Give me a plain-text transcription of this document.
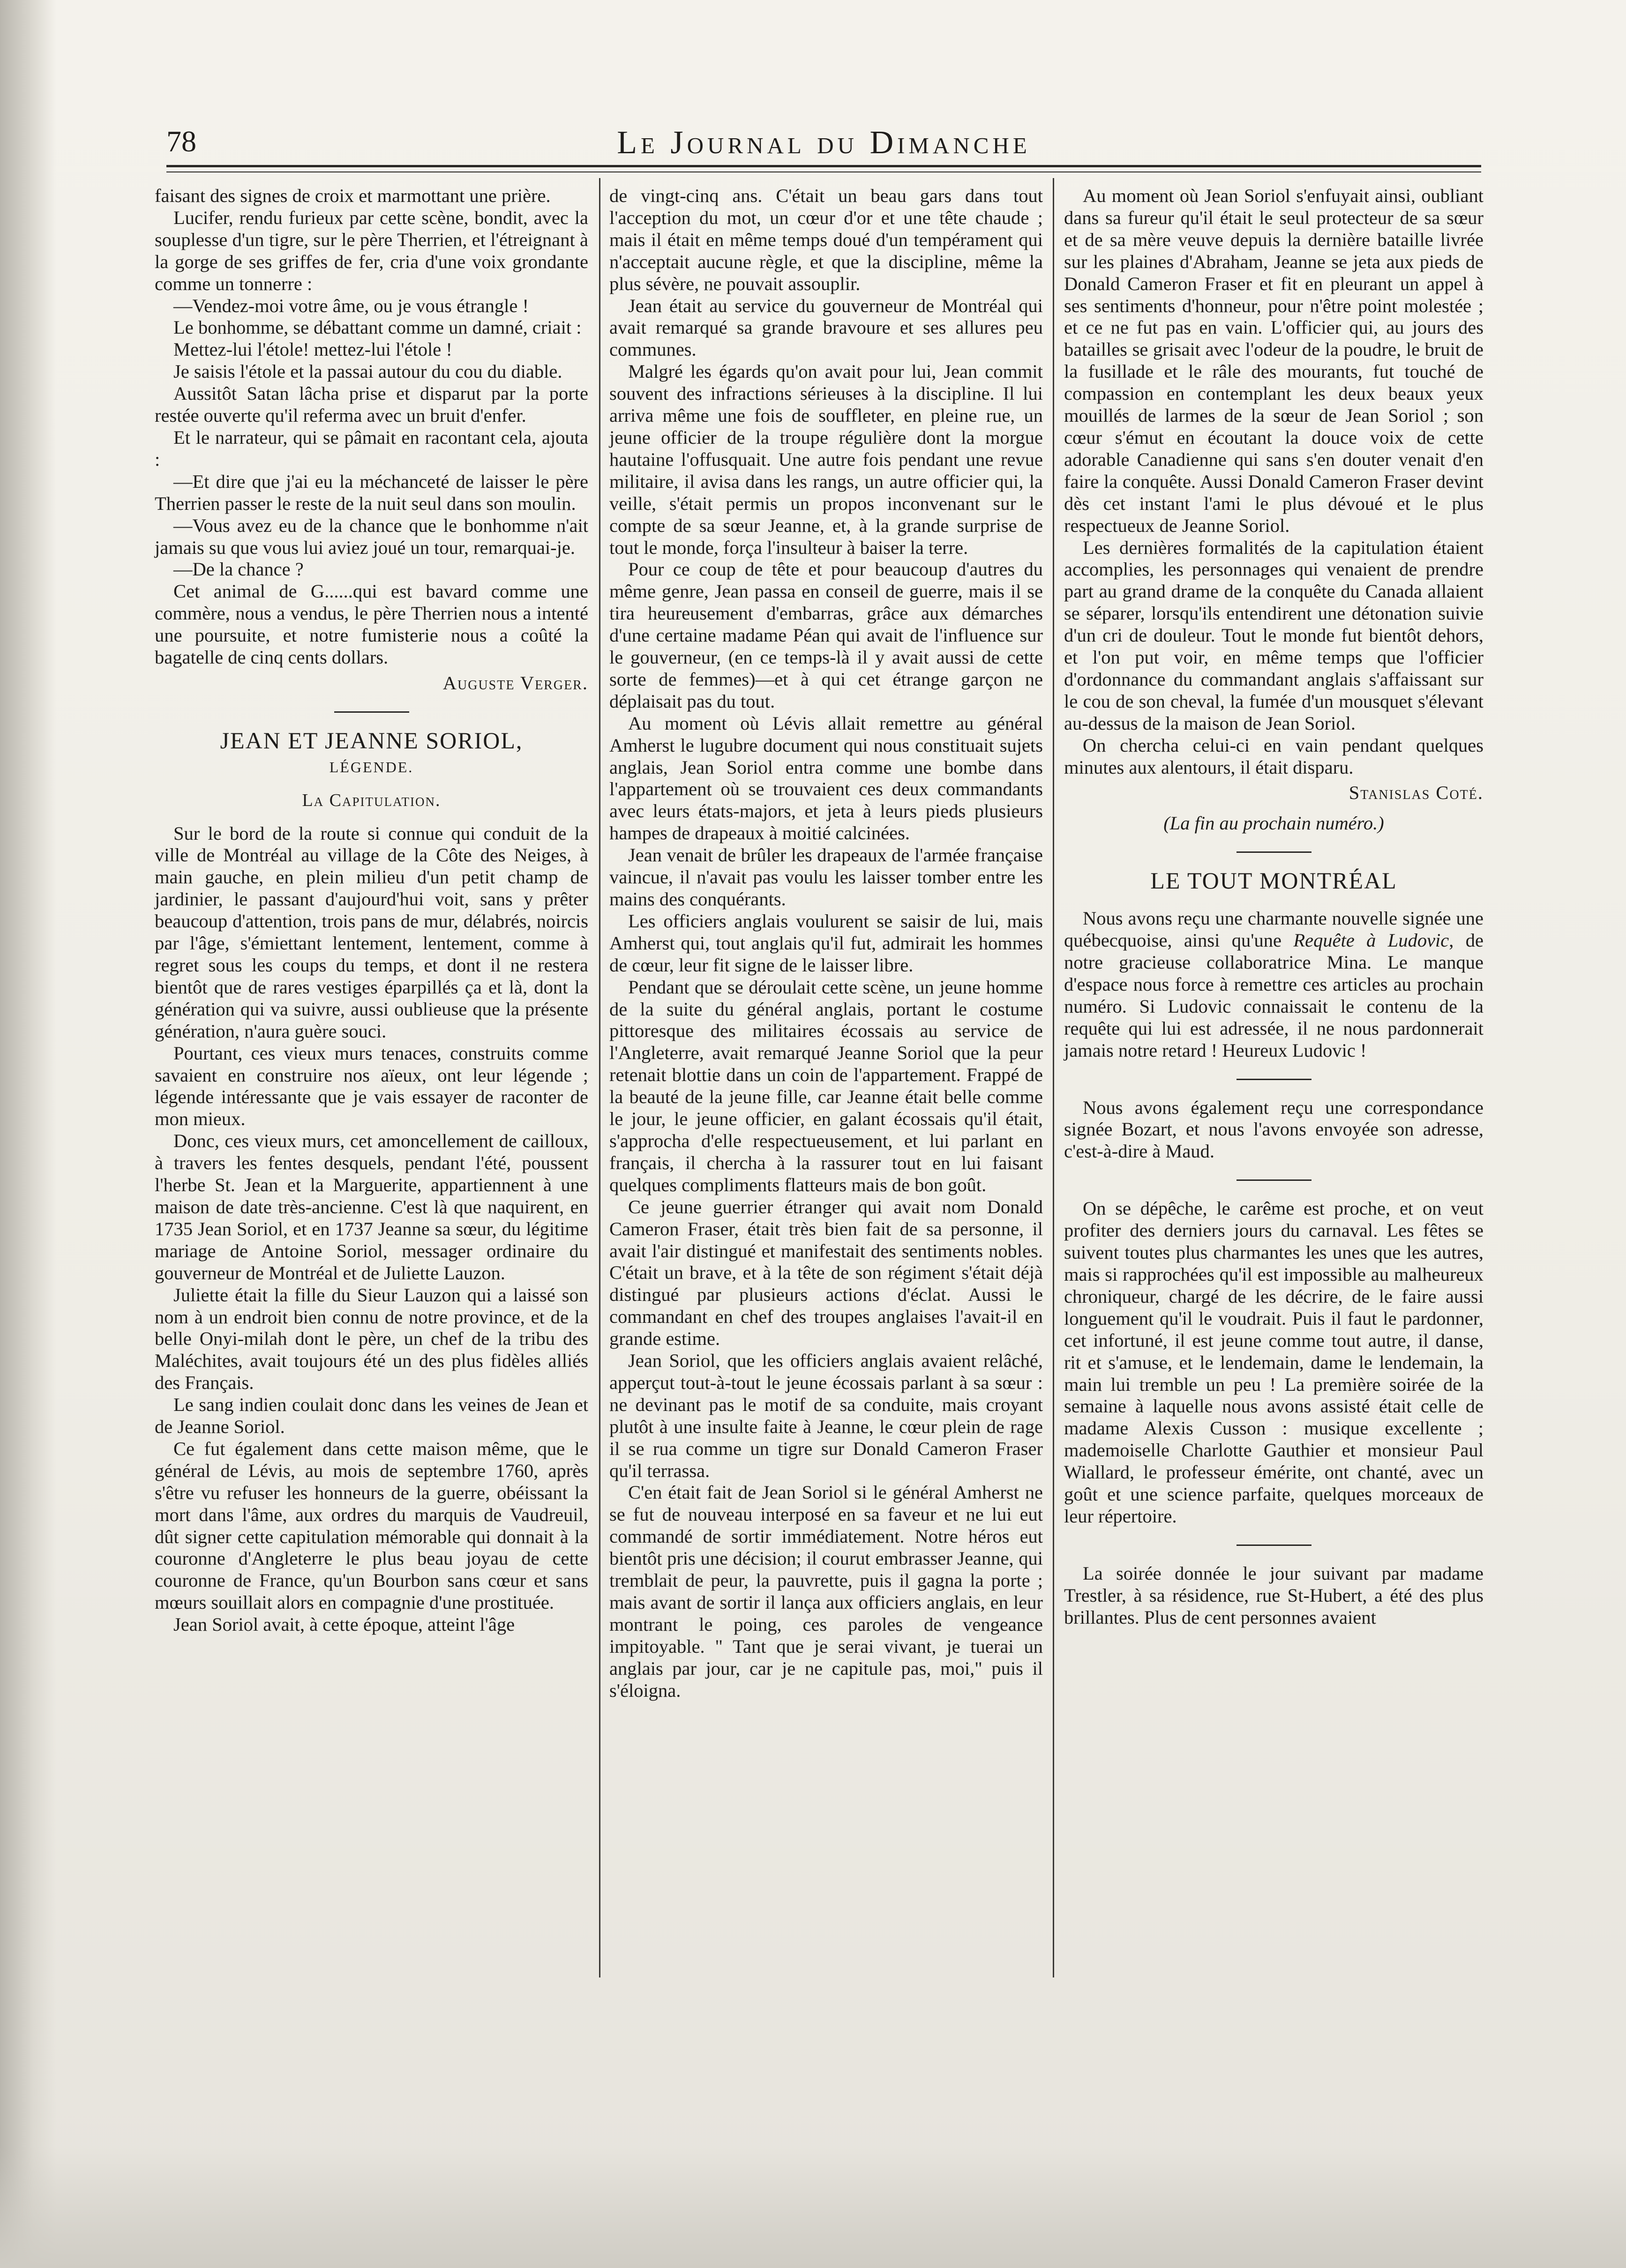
78	Le Journal du Dimanche

faisant des signes de croix et marmottant une prière.

Lucifer, rendu furieux par cette scène, bondit, avec la souplesse d'un tigre, sur le père Therrien, et l'étreignant à la gorge de ses griffes de fer, cria d'une voix grondante comme un tonnerre :

—Vendez-moi votre âme, ou je vous étrangle !

Le bonhomme, se débattant comme un damné, criait :

Mettez-lui l'étole! mettez-lui l'étole !

Je saisis l'étole et la passai autour du cou du diable.

Aussitôt Satan lâcha prise et disparut par la porte restée ouverte qu'il referma avec un bruit d'enfer.

Et le narrateur, qui se pâmait en racontant cela, ajouta :

—Et dire que j'ai eu la méchanceté de laisser le père Therrien passer le reste de la nuit seul dans son moulin.

—Vous avez eu de la chance que le bonhomme n'ait jamais su que vous lui aviez joué un tour, remarquai-je.

—De la chance ?

Cet animal de G......qui est bavard comme une commère, nous a vendus, le père Therrien nous a intenté une poursuite, et notre fumisterie nous a coûté la bagatelle de cinq cents dollars.

Auguste Verger.
JEAN ET JEANNE SORIOL,
LÉGENDE.
La Capitulation.

Sur le bord de la route si connue qui conduit de la ville de Montréal au village de la Côte des Neiges, à main gauche, en plein milieu d'un petit champ de jardinier, le passant d'aujourd'hui voit, sans y prêter beaucoup d'attention, trois pans de mur, délabrés, noircis par l'âge, s'émiettant lentement, lentement, comme à regret sous les coups du temps, et dont il ne restera bientôt que de rares vestiges éparpillés ça et là, dont la génération qui va suivre, aussi oublieuse que la présente génération, n'aura guère souci.

Pourtant, ces vieux murs tenaces, construits comme savaient en construire nos aïeux, ont leur légende ; légende intéressante que je vais essayer de raconter de mon mieux.

Donc, ces vieux murs, cet amoncellement de cailloux, à travers les fentes desquels, pendant l'été, poussent l'herbe St. Jean et la Marguerite, appartiennent à une maison de date très-ancienne. C'est là que naquirent, en 1735 Jean Soriol, et en 1737 Jeanne sa sœur, du légitime mariage de Antoine Soriol, messager ordinaire du gouverneur de Montréal et de Juliette Lauzon.

Juliette était la fille du Sieur Lauzon qui a laissé son nom à un endroit bien connu de notre province, et de la belle Onyi-milah dont le père, un chef de la tribu des Maléchites, avait toujours été un des plus fidèles alliés des Français.

Le sang indien coulait donc dans les veines de Jean et de Jeanne Soriol.

Ce fut également dans cette maison même, que le général de Lévis, au mois de septembre 1760, après s'être vu refuser les honneurs de la guerre, obéissant la mort dans l'âme, aux ordres du marquis de Vaudreuil, dût signer cette capitulation mémorable qui donnait à la couronne d'Angleterre le plus beau joyau de cette couronne de France, qu'un Bourbon sans cœur et sans mœurs souillait alors en compagnie d'une prostituée.

Jean Soriol avait, à cette époque, atteint l'âge

de vingt-cinq ans. C'était un beau gars dans tout l'acception du mot, un cœur d'or et une tête chaude ; mais il était en même temps doué d'un tempérament qui n'acceptait aucune règle, et que la discipline, même la plus sévère, ne pouvait assouplir.

Jean était au service du gouverneur de Montréal qui avait remarqué sa grande bravoure et ses allures peu communes.

Malgré les égards qu'on avait pour lui, Jean commit souvent des infractions sérieuses à la discipline. Il lui arriva même une fois de souffleter, en pleine rue, un jeune officier de la troupe régulière dont la morgue hautaine l'offusquait. Une autre fois pendant une revue militaire, il avisa dans les rangs, un autre officier qui, la veille, s'était permis un propos inconvenant sur le compte de sa sœur Jeanne, et, à la grande surprise de tout le monde, força l'insulteur à baiser la terre.

Pour ce coup de tête et pour beaucoup d'autres du même genre, Jean passa en conseil de guerre, mais il se tira heureusement d'embarras, grâce aux démarches d'une certaine madame Péan qui avait de l'influence sur le gouverneur, (en ce temps-là il y avait aussi de cette sorte de femmes)—et à qui cet étrange garçon ne déplaisait pas du tout.

Au moment où Lévis allait remettre au général Amherst le lugubre document qui nous constituait sujets anglais, Jean Soriol entra comme une bombe dans l'appartement où se trouvaient ces deux commandants avec leurs états-majors, et jeta à leurs pieds plusieurs hampes de drapeaux à moitié calcinées.

Jean venait de brûler les drapeaux de l'armée française vaincue, il n'avait pas voulu les laisser tomber entre les mains des conquérants.

Les officiers anglais voulurent se saisir de lui, mais Amherst qui, tout anglais qu'il fut, admirait les hommes de cœur, leur fit signe de le laisser libre.

Pendant que se déroulait cette scène, un jeune homme de la suite du général anglais, portant le costume pittoresque des militaires écossais au service de l'Angleterre, avait remarqué Jeanne Soriol que la peur retenait blottie dans un coin de l'appartement. Frappé de la beauté de la jeune fille, car Jeanne était belle comme le jour, le jeune officier, en galant écossais qu'il était, s'approcha d'elle respectueusement, et lui parlant en français, il chercha à la rassurer tout en lui faisant quelques compliments flatteurs mais de bon goût.

Ce jeune guerrier étranger qui avait nom Donald Cameron Fraser, était très bien fait de sa personne, il avait l'air distingué et manifestait des sentiments nobles. C'était un brave, et à la tête de son régiment s'était déjà distingué par plusieurs actions d'éclat. Aussi le commandant en chef des troupes anglaises l'avait-il en grande estime.

Jean Soriol, que les officiers anglais avaient relâché, apperçut tout-à-tout le jeune écossais parlant à sa sœur : ne devinant pas le motif de sa conduite, mais croyant plutôt à une insulte faite à Jeanne, le cœur plein de rage il se rua comme un tigre sur Donald Cameron Fraser qu'il terrassa.

C'en était fait de Jean Soriol si le général Amherst ne se fut de nouveau interposé en sa faveur et ne lui eut commandé de sortir immédiatement. Notre héros eut bientôt pris une décision; il courut embrasser Jeanne, qui tremblait de peur, la pauvrette, puis il gagna la porte ; mais avant de sortir il lança aux officiers anglais, en leur montrant le poing, ces paroles de vengeance impitoyable. " Tant que je serai vivant, je tuerai un anglais par jour, car je ne capitule pas, moi," puis il s'éloigna.

Au moment où Jean Soriol s'enfuyait ainsi, oubliant dans sa fureur qu'il était le seul protecteur de sa sœur et de sa mère veuve depuis la dernière bataille livrée sur les plaines d'Abraham, Jeanne se jeta aux pieds de Donald Cameron Fraser et fit en pleurant un appel à ses sentiments d'honneur, pour n'être point molestée ; et ce ne fut pas en vain. L'officier qui, au jours des batailles se grisait avec l'odeur de la poudre, le bruit de la fusillade et le râle des mourants, fut touché de compassion en contemplant les deux beaux yeux mouillés de larmes de la sœur de Jean Soriol ; son cœur s'émut en écoutant la douce voix de cette adorable Canadienne qui sans s'en douter venait d'en faire la conquête. Aussi Donald Cameron Fraser devint dès cet instant l'ami le plus dévoué et le plus respectueux de Jeanne Soriol.

Les dernières formalités de la capitulation étaient accomplies, les personnages qui venaient de prendre part au grand drame de la conquête du Canada allaient se séparer, lorsqu'ils entendirent une détonation suivie d'un cri de douleur. Tout le monde fut bientôt dehors, et l'on put voir, en même temps que l'officier d'ordonnance du commandant anglais s'affaissant sur le cou de son cheval, la fumée d'un mousquet s'élevant au-dessus de la maison de Jean Soriol.

On chercha celui-ci en vain pendant quelques minutes aux alentours, il était disparu.

Stanislas Coté.
(La fin au prochain numéro.)
LE TOUT MONTRÉAL

Nous avons reçu une charmante nouvelle signée une québecquoise, ainsi qu'une Requête à Ludovic, de notre gracieuse collaboratrice Mina. Le manque d'espace nous force à remettre ces articles au prochain numéro. Si Ludovic connaissait le contenu de la requête qui lui est adressée, il ne nous pardonnerait jamais notre retard ! Heureux Ludovic !

Nous avons également reçu une correspondance signée Bozart, et nous l'avons envoyée son adresse, c'est-à-dire à Maud.

On se dépêche, le carême est proche, et on veut profiter des derniers jours du carnaval. Les fêtes se suivent toutes plus charmantes les unes que les autres, mais si rapprochées qu'il est impossible au malheureux chroniqueur, chargé de les décrire, de le faire aussi longuement qu'il le voudrait. Puis il faut le pardonner, cet infortuné, il est jeune comme tout autre, il danse, rit et s'amuse, et le lendemain, dame le lendemain, la main lui tremble un peu ! La première soirée de la semaine à laquelle nous avons assisté était celle de madame Alexis Cusson : musique excellente ; mademoiselle Charlotte Gauthier et monsieur Paul Wiallard, le professeur émérite, ont chanté, avec un goût et une science parfaite, quelques morceaux de leur répertoire.

La soirée donnée le jour suivant par madame Trestler, à sa résidence, rue St-Hubert, a été des plus brillantes. Plus de cent personnes avaient
